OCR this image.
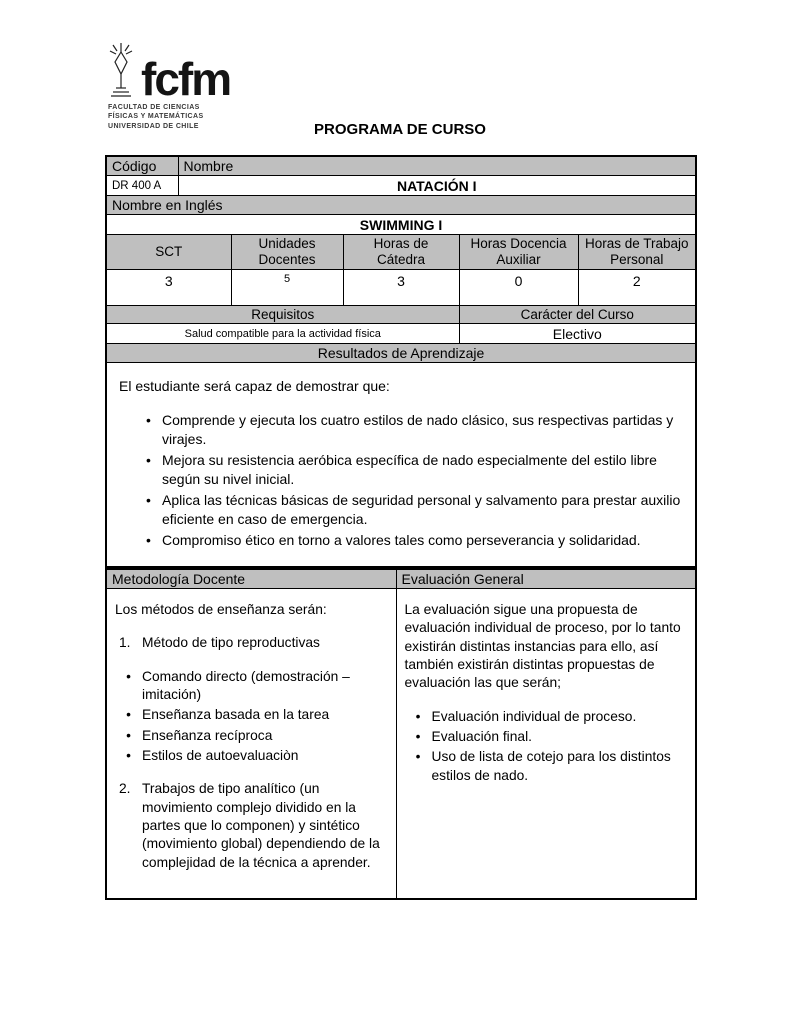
fcfm
FACULTAD DE CIENCIAS
FÍSICAS Y MATEMÁTICAS
UNIVERSIDAD DE CHILE	PROGRAMA DE CURSO
Código	Nombre				
DR 400 A	NATACIÓN I				
Nombre en Inglés					
SWIMMING I					
SCT		Unidades Docentes	Horas de Cátedra	Horas Docencia Auxiliar	Horas de Trabajo Personal
3		5	3	0	2
Requisitos				Carácter del Curso	
Salud compatible para la actividad física				Electivo	
Resultados de Aprendizaje					

El estudiante será capaz de demostrar que:
•
Comprende y ejecuta los cuatro estilos de nado clásico, sus respectivas partidas y virajes.
•
Mejora su resistencia aeróbica específica de nado especialmente del estilo libre según su nivel inicial.
•
Aplica las técnicas básicas de seguridad personal y salvamento para prestar auxilio eficiente en caso de emergencia.
•
Compromiso ético en torno a valores tales como perseverancia y solidaridad.
Metodología Docente	Evaluación General

Los métodos de enseñanza serán:
1. Método de tipo reproductivas
•
Comando directo (demostración – imitación)
•
Enseñanza basada en la tarea
•
Enseñanza recíproca
•
Estilos de autoevaluaciòn
2. Trabajos de tipo analítico (un movimiento complejo dividido en la partes que lo componen) y sintético (movimiento global) dependiendo de la complejidad de la técnica a aprender.

La evaluación sigue una propuesta de evaluación individual de proceso, por lo tanto existirán distintas instancias para ello, así también existirán distintas propuestas de evaluación las que serán;
•
Evaluación individual de proceso.
•
Evaluación final.
•
Uso de lista de cotejo para los distintos estilos de nado.
